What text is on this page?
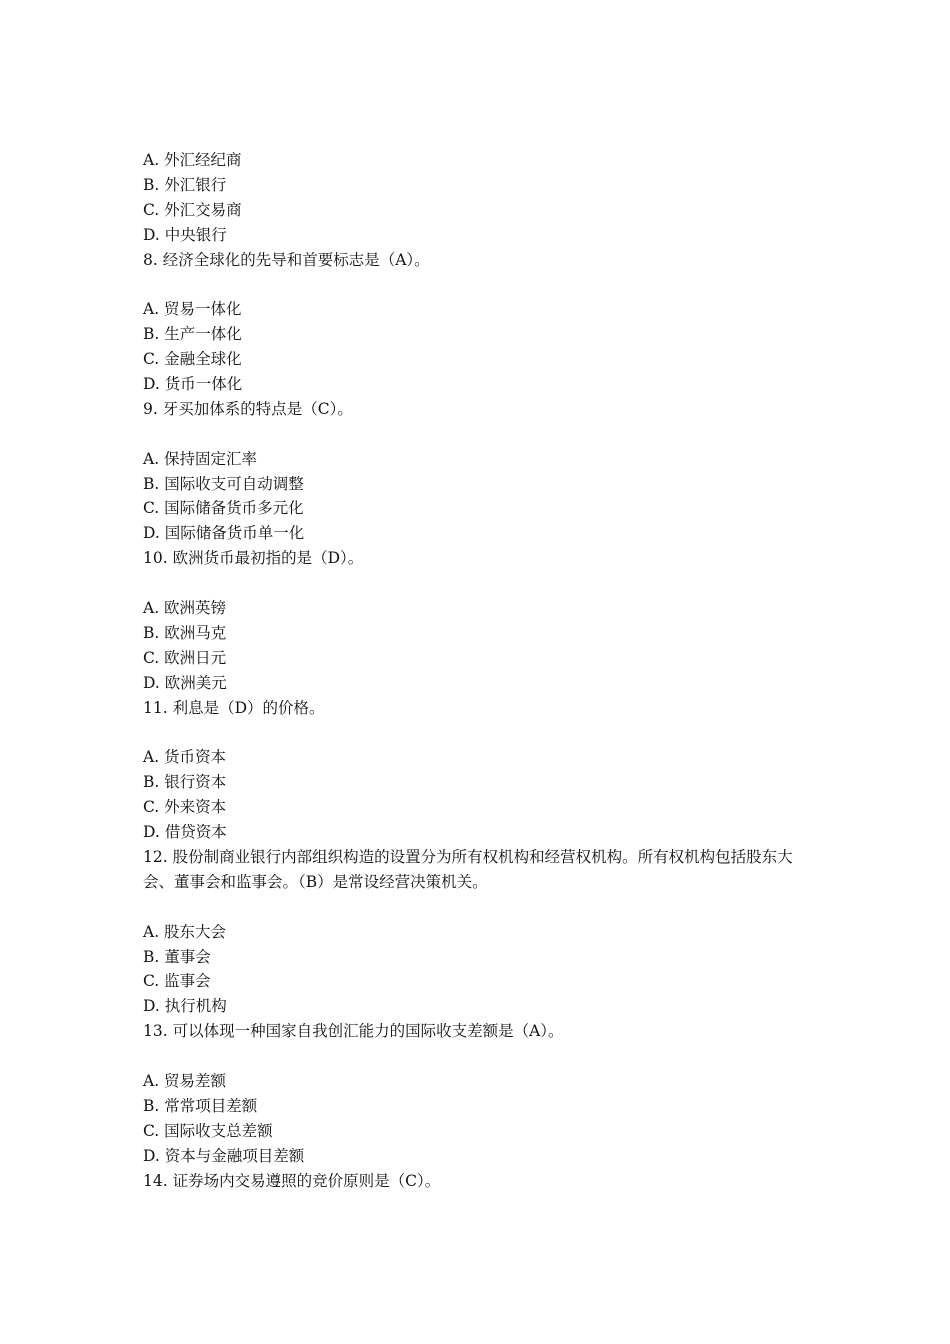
A. 外汇经纪商
B. 外汇银行
C. 外汇交易商
D. 中央银行
8. 经济全球化的先导和首要标志是（A）。
A. 贸易一体化
B. 生产一体化
C. 金融全球化
D. 货币一体化
9. 牙买加体系的特点是（C）。
A. 保持固定汇率
B. 国际收支可自动调整
C. 国际储备货币多元化
D. 国际储备货币单一化
10. 欧洲货币最初指的是（D）。
A. 欧洲英镑
B. 欧洲马克
C. 欧洲日元
D. 欧洲美元
11. 利息是（D）的价格。
A. 货币资本
B. 银行资本
C. 外来资本
D. 借贷资本
12. 股份制商业银行内部组织构造的设置分为所有权机构和经营权机构。所有权机构包括股东大会、董事会和监事会。（B）是常设经营决策机关。
A. 股东大会
B. 董事会
C. 监事会
D. 执行机构
13. 可以体现一种国家自我创汇能力的国际收支差额是（A）。
A. 贸易差额
B. 常常项目差额
C. 国际收支总差额
D. 资本与金融项目差额
14. 证券场内交易遵照的竞价原则是（C）。
